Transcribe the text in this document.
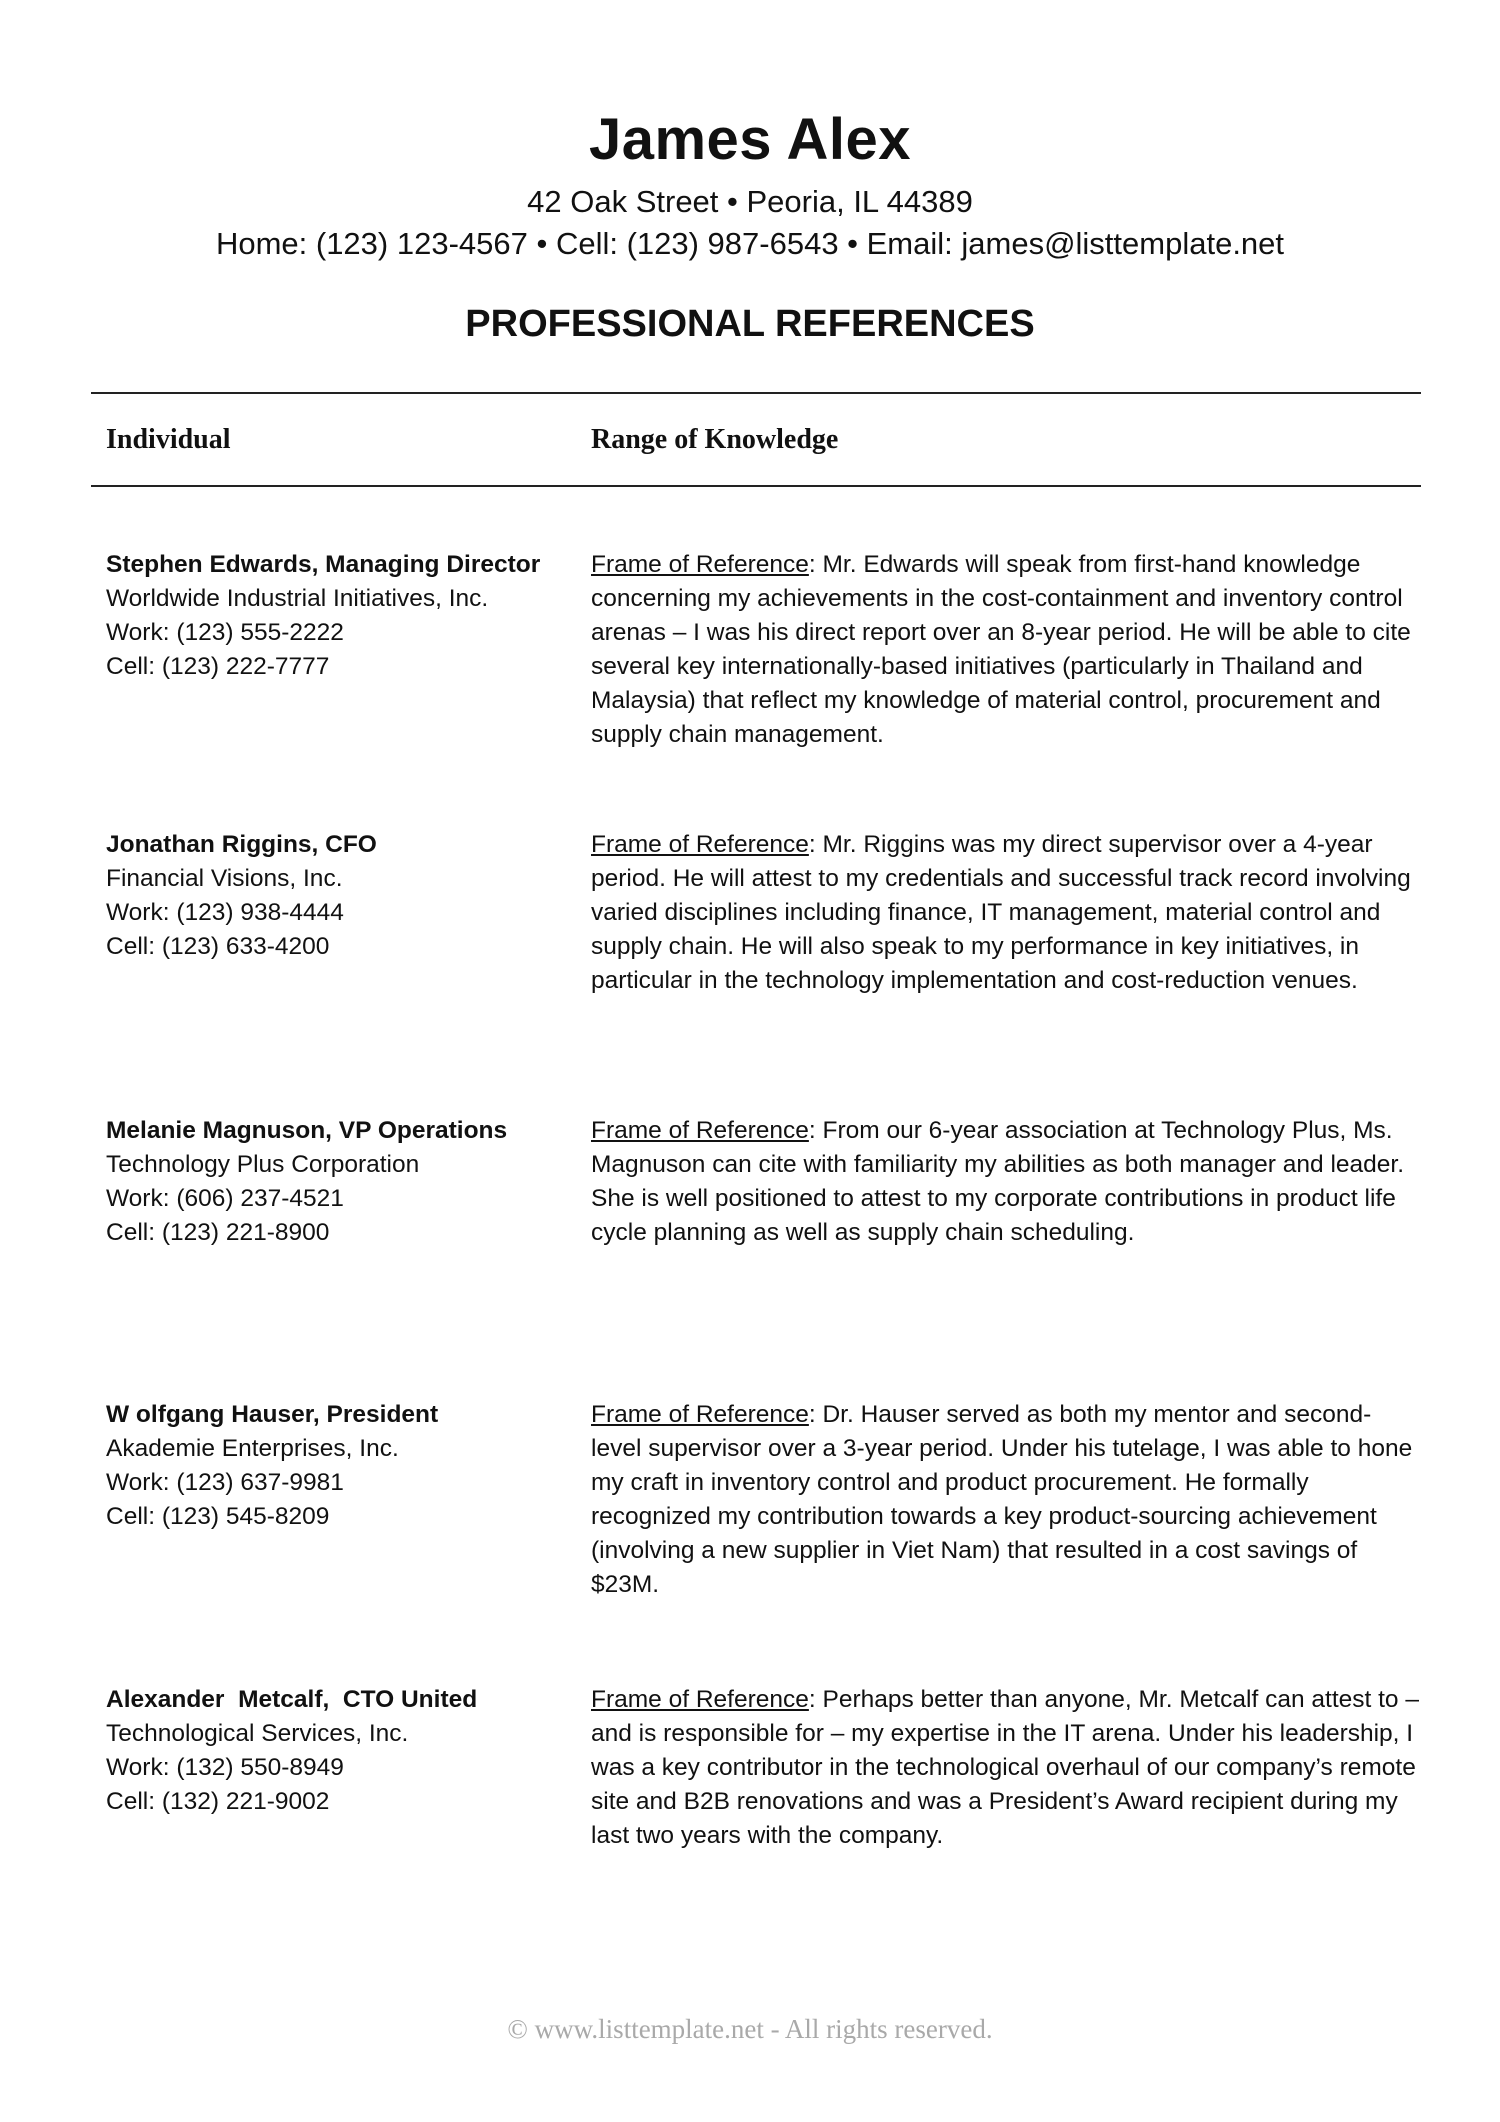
James Alex
42 Oak Street • Peoria, IL 44389
Home: (123) 123-4567 • Cell: (123) 987-6543 • Email: james@listtemplate.net
PROFESSIONAL REFERENCES
Individual	Range of Knowledge
Stephen Edwards, Managing Director
Worldwide Industrial Initiatives, Inc.
Work: (123) 555-2222
Cell: (123) 222-7777
Frame of Reference: Mr. Edwards will speak from first-hand knowledge concerning my achievements in the cost-containment and inventory control arenas – I was his direct report over an 8-year period. He will be able to cite several key internationally-based initiatives (particularly in Thailand and Malaysia) that reflect my knowledge of material control, procurement and supply chain management.
Jonathan Riggins, CFO
Financial Visions, Inc.
Work: (123) 938-4444
Cell: (123) 633-4200
Frame of Reference: Mr. Riggins was my direct supervisor over a 4-year period. He will attest to my credentials and successful track record involving varied disciplines including finance, IT management, material control and supply chain. He will also speak to my performance in key initiatives, in particular in the technology implementation and cost-reduction venues.
Melanie Magnuson, VP Operations
Technology Plus Corporation
Work: (606) 237-4521
Cell: (123) 221-8900
Frame of Reference: From our 6-year association at Technology Plus, Ms. Magnuson can cite with familiarity my abilities as both manager and leader. She is well positioned to attest to my corporate contributions in product life cycle planning as well as supply chain scheduling.
W olfgang Hauser, President
Akademie Enterprises, Inc.
Work: (123) 637-9981
Cell: (123) 545-8209
Frame of Reference: Dr. Hauser served as both my mentor and second-level supervisor over a 3-year period. Under his tutelage, I was able to hone my craft in inventory control and product procurement. He formally recognized my contribution towards a key product-sourcing achievement (involving a new supplier in Viet Nam) that resulted in a cost savings of $23M.
Alexander  Metcalf,  CTO United
Technological Services, Inc.
Work: (132) 550-8949
Cell: (132) 221-9002
Frame of Reference: Perhaps better than anyone, Mr. Metcalf can attest to – and is responsible for – my expertise in the IT arena. Under his leadership, I was a key contributor in the technological overhaul of our company’s remote site and B2B renovations and was a President’s Award recipient during my last two years with the company.
© www.listtemplate.net - All rights reserved.
